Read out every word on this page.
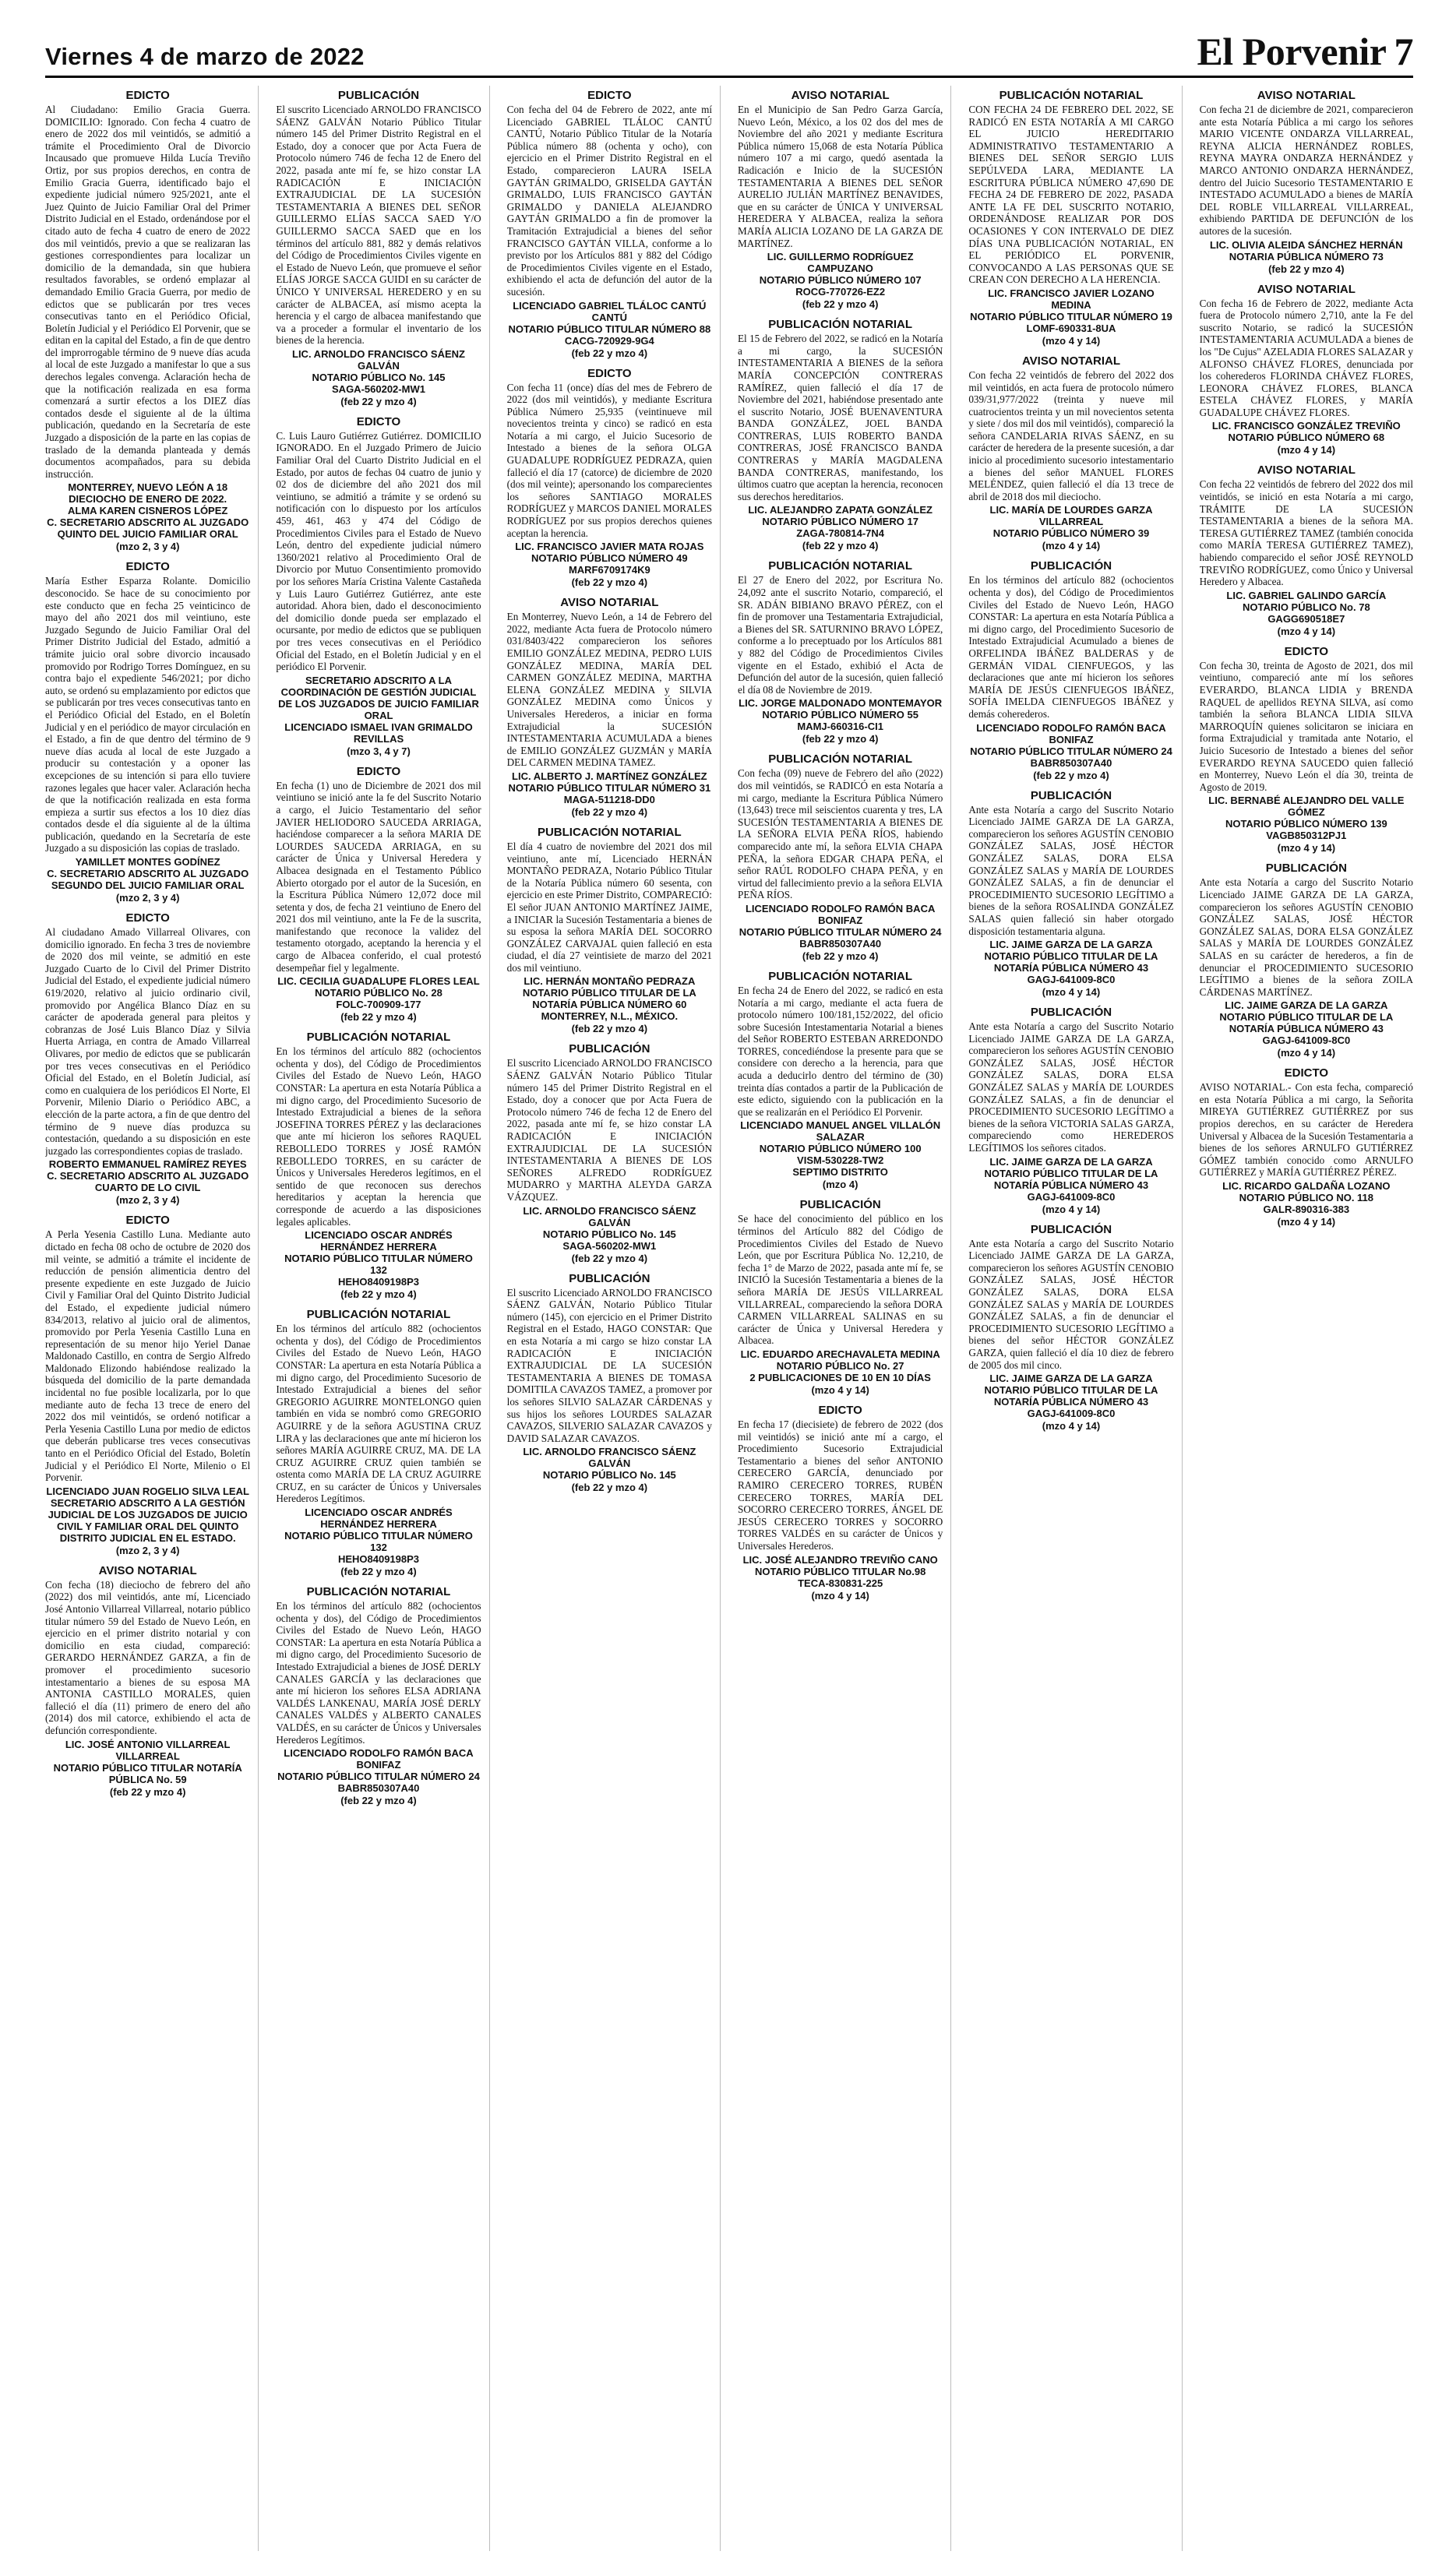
Viernes 4 de marzo de 2022	El Porvenir 7
EDICTO

Al Ciudadano: Emilio Gracia Guerra. DOMICILIO: Ignorado. Con fecha 4 cuatro de enero de 2022 dos mil veintidós, se admitió a trámite el Procedimiento Oral de Divorcio Incausado que promueve Hilda Lucía Treviño Ortiz, por sus propios derechos, en contra de Emilio Gracia Guerra, identificado bajo el expediente judicial número 925/2021, ante el Juez Quinto de Juicio Familiar Oral del Primer Distrito Judicial en el Estado, ordenándose por el citado auto de fecha 4 cuatro de enero de 2022 dos mil veintidós, previo a que se realizaran las gestiones correspondientes para localizar un domicilio de la demandada, sin que hubiera resultados favorables, se ordenó emplazar al demandado Emilio Gracia Guerra, por medio de edictos que se publicarán por tres veces consecutivas tanto en el Periódico Oficial, Boletín Judicial y el Periódico El Porvenir, que se editan en la capital del Estado, a fin de que dentro del improrrogable término de 9 nueve días acuda al local de este Juzgado a manifestar lo que a sus derechos legales convenga. Aclaración hecha de que la notificación realizada en esa forma comenzará a surtir efectos a los DIEZ días contados desde el siguiente al de la última publicación, quedando en la Secretaría de este Juzgado a disposición de la parte en las copias de traslado de la demanda planteada y demás documentos acompañados, para su debida instrucción.

MONTERREY, NUEVO LEÓN A 18 DIECIOCHO DE ENERO DE 2022.
ALMA KAREN CISNEROS LÓPEZ
C. SECRETARIO ADSCRITO AL JUZGADO QUINTO DEL JUICIO FAMILIAR ORAL
(mzo 2, 3 y 4)
EDICTO

María Esther Esparza Rolante. Domicilio desconocido. Se hace de su conocimiento por este conducto que en fecha 25 veinticinco de mayo del año 2021 dos mil veintiuno, este Juzgado Segundo de Juicio Familiar Oral del Primer Distrito Judicial del Estado, admitió a trámite juicio oral sobre divorcio incausado promovido por Rodrigo Torres Domínguez, en su contra bajo el expediente 546/2021; por dicho auto, se ordenó su emplazamiento por edictos que se publicarán por tres veces consecutivas tanto en el Periódico Oficial del Estado, en el Boletín Judicial y en el periódico de mayor circulación en el Estado, a fin de que dentro del término de 9 nueve días acuda al local de este Juzgado a producir su contestación y a oponer las excepciones de su intención si para ello tuviere razones legales que hacer valer. Aclaración hecha de que la notificación realizada en esta forma empieza a surtir sus efectos a los 10 diez días contados desde el día siguiente al de la última publicación, quedando en la Secretaría de este Juzgado a su disposición las copias de traslado.

YAMILLET MONTES GODÍNEZ
C. SECRETARIO ADSCRITO AL JUZGADO SEGUNDO DEL JUICIO FAMILIAR ORAL
(mzo 2, 3 y 4)
EDICTO

Al ciudadano Amado Villarreal Olivares, con domicilio ignorado. En fecha 3 tres de noviembre de 2020 dos mil veinte, se admitió en este Juzgado Cuarto de lo Civil del Primer Distrito Judicial del Estado, el expediente judicial número 619/2020, relativo al juicio ordinario civil, promovido por Angélica Blanco Díaz en su carácter de apoderada general para pleitos y cobranzas de José Luis Blanco Díaz y Silvia Huerta Arriaga, en contra de Amado Villarreal Olivares, por medio de edictos que se publicarán por tres veces consecutivas en el Periódico Oficial del Estado, en el Boletín Judicial, así como en cualquiera de los periódicos El Norte, El Porvenir, Milenio Diario o Periódico ABC, a elección de la parte actora, a fin de que dentro del término de 9 nueve días produzca su contestación, quedando a su disposición en este juzgado las correspondientes copias de traslado.

ROBERTO EMMANUEL RAMÍREZ REYES
C. SECRETARIO ADSCRITO AL JUZGADO CUARTO DE LO CIVIL
(mzo 2, 3 y 4)
EDICTO

A Perla Yesenia Castillo Luna. Mediante auto dictado en fecha 08 ocho de octubre de 2020 dos mil veinte, se admitió a trámite el incidente de reducción de pensión alimenticia dentro del presente expediente en este Juzgado de Juicio Civil y Familiar Oral del Quinto Distrito Judicial del Estado, el expediente judicial número 834/2013, relativo al juicio oral de alimentos, promovido por Perla Yesenia Castillo Luna en representación de su menor hijo Yeriel Danae Maldonado Castillo, en contra de Sergio Alfredo Maldonado Elizondo habiéndose realizado la búsqueda del domicilio de la parte demandada incidental no fue posible localizarla, por lo que mediante auto de fecha 13 trece de enero del 2022 dos mil veintidós, se ordenó notificar a Perla Yesenia Castillo Luna por medio de edictos que deberán publicarse tres veces consecutivas tanto en el Periódico Oficial del Estado, Boletín Judicial y el Periódico El Norte, Milenio o El Porvenir.

LICENCIADO JUAN ROGELIO SILVA LEAL
SECRETARIO ADSCRITO A LA GESTIÓN JUDICIAL DE LOS JUZGADOS DE JUICIO CIVIL Y FAMILIAR ORAL DEL QUINTO DISTRITO JUDICIAL EN EL ESTADO.
(mzo 2, 3 y 4)
AVISO NOTARIAL

Con fecha (18) dieciocho de febrero del año (2022) dos mil veintidós, ante mí, Licenciado José Antonio Villarreal Villarreal, notario público titular número 59 del Estado de Nuevo León, en ejercicio en el primer distrito notarial y con domicilio en esta ciudad, compareció: GERARDO HERNÁNDEZ GARZA, a fin de promover el procedimiento sucesorio intestamentario a bienes de su esposa MA ANTONIA CASTILLO MORALES, quien falleció el día (11) primero de enero del año (2014) dos mil catorce, exhibiendo el acta de defunción correspondiente.

LIC. JOSÉ ANTONIO VILLARREAL VILLARREAL
NOTARIO PÚBLICO TITULAR NOTARÍA PÚBLICA No. 59
(feb 22 y mzo 4)
PUBLICACIÓN

El suscrito Licenciado ARNOLDO FRANCISCO SÁENZ GALVÁN Notario Público Titular número 145 del Primer Distrito Registral en el Estado, doy a conocer que por Acta Fuera de Protocolo número 746 de fecha 12 de Enero del 2022, pasada ante mí fe, se hizo constar LA RADICACIÓN E INICIACIÓN EXTRAJUDICIAL DE LA SUCESIÓN TESTAMENTARIA A BIENES DEL SEÑOR GUILLERMO ELÍAS SACCA SAED Y/O GUILLERMO SACCA SAED que en los términos del artículo 881, 882 y demás relativos del Código de Procedimientos Civiles vigente en el Estado de Nuevo León, que promueve el señor ELÍAS JORGE SACCA GUIDI en su carácter de ÚNICO Y UNIVERSAL HEREDERO y en su carácter de ALBACEA, así mismo acepta la herencia y el cargo de albacea manifestando que va a proceder a formular el inventario de los bienes de la herencia.

LIC. ARNOLDO FRANCISCO SÁENZ GALVÁN
NOTARIO PÚBLICO No. 145
SAGA-560202-MW1
(feb 22 y mzo 4)
EDICTO

C. Luis Lauro Gutiérrez Gutiérrez. DOMICILIO IGNORADO. En el Juzgado Primero de Juicio Familiar Oral del Cuarto Distrito Judicial en el Estado, por autos de fechas 04 cuatro de junio y 02 dos de diciembre del año 2021 dos mil veintiuno, se admitió a trámite y se ordenó su notificación con lo dispuesto por los artículos 459, 461, 463 y 474 del Código de Procedimientos Civiles para el Estado de Nuevo León, dentro del expediente judicial número 1360/2021 relativo al Procedimiento Oral de Divorcio por Mutuo Consentimiento promovido por los señores María Cristina Valente Castañeda y Luis Lauro Gutiérrez Gutiérrez, ante este autoridad. Ahora bien, dado el desconocimiento del domicilio donde pueda ser emplazado el ocursante, por medio de edictos que se publiquen por tres veces consecutivas en el Periódico Oficial del Estado, en el Boletín Judicial y en el periódico El Porvenir.

SECRETARIO ADSCRITO A LA COORDINACIÓN DE GESTIÓN JUDICIAL DE LOS JUZGADOS DE JUICIO FAMILIAR ORAL
LICENCIADO ISMAEL IVAN GRIMALDO REVILLAS
(mzo 3, 4 y 7)
EDICTO

En fecha (1) uno de Diciembre de 2021 dos mil veintiuno se inició ante la fe del Suscrito Notario a cargo, el Juicio Testamentario del señor JAVIER HELIODORO SAUCEDA ARRIAGA, haciéndose comparecer a la señora MARIA DE LOURDES SAUCEDA ARRIAGA, en su carácter de Única y Universal Heredera y Albacea designada en el Testamento Público Abierto otorgado por el autor de la Sucesión, en la Escritura Pública Número 12,072 doce mil setenta y dos, de fecha 21 veintiuno de Enero del 2021 dos mil veintiuno, ante la Fe de la suscrita, manifestando que reconoce la validez del testamento otorgado, aceptando la herencia y el cargo de Albacea conferido, el cual protestó desempeñar fiel y legalmente.

LIC. CECILIA GUADALUPE FLORES LEAL
NOTARIO PÚBLICO No. 28
FOLC-700909-177
(feb 22 y mzo 4)
PUBLICACIÓN NOTARIAL

En los términos del artículo 882 (ochocientos ochenta y dos), del Código de Procedimientos Civiles del Estado de Nuevo León, HAGO CONSTAR: La apertura en esta Notaría Pública a mi digno cargo, del Procedimiento Sucesorio de Intestado Extrajudicial a bienes de la señora JOSEFINA TORRES PÉREZ y las declaraciones que ante mí hicieron los señores RAQUEL REBOLLEDO TORRES y JOSÉ RAMÓN REBOLLEDO TORRES, en su carácter de Únicos y Universales Herederos legítimos, en el sentido de que reconocen sus derechos hereditarios y aceptan la herencia que corresponde de acuerdo a las disposiciones legales aplicables.

LICENCIADO OSCAR ANDRÉS HERNÁNDEZ HERRERA
NOTARIO PÚBLICO TITULAR NÚMERO 132
HEHO8409198P3
(feb 22 y mzo 4)
PUBLICACIÓN NOTARIAL

En los términos del artículo 882 (ochocientos ochenta y dos), del Código de Procedimientos Civiles del Estado de Nuevo León, HAGO CONSTAR: La apertura en esta Notaría Pública a mi digno cargo, del Procedimiento Sucesorio de Intestado Extrajudicial a bienes del señor GREGORIO AGUIRRE MONTELONGO quien también en vida se nombró como GREGORIO AGUIRRE y de la señora AGUSTINA CRUZ LIRA y las declaraciones que ante mí hicieron los señores MARÍA AGUIRRE CRUZ, MA. DE LA CRUZ AGUIRRE CRUZ quien también se ostenta como MARÍA DE LA CRUZ AGUIRRE CRUZ, en su carácter de Únicos y Universales Herederos Legítimos.

LICENCIADO OSCAR ANDRÉS HERNÁNDEZ HERRERA
NOTARIO PÚBLICO TITULAR NÚMERO 132
HEHO8409198P3
(feb 22 y mzo 4)
PUBLICACIÓN NOTARIAL

En los términos del artículo 882 (ochocientos ochenta y dos), del Código de Procedimientos Civiles del Estado de Nuevo León, HAGO CONSTAR: La apertura en esta Notaría Pública a mi digno cargo, del Procedimiento Sucesorio de Intestado Extrajudicial a bienes de JOSÉ DERLY CANALES GARCÍA y las declaraciones que ante mí hicieron los señores ELSA ADRIANA VALDÉS LANKENAU, MARÍA JOSÉ DERLY CANALES VALDÉS y ALBERTO CANALES VALDÉS, en su carácter de Únicos y Universales Herederos Legítimos.

LICENCIADO RODOLFO RAMÓN BACA BONIFAZ
NOTARIO PÚBLICO TITULAR NÚMERO 24
BABR850307A40
(feb 22 y mzo 4)
EDICTO

Con fecha del 04 de Febrero de 2022, ante mí Licenciado GABRIEL TLÁLOC CANTÚ CANTÚ, Notario Público Titular de la Notaría Pública número 88 (ochenta y ocho), con ejercicio en el Primer Distrito Registral en el Estado, comparecieron LAURA ISELA GAYTÁN GRIMALDO, GRISELDA GAYTÁN GRIMALDO, LUIS FRANCISCO GAYTÁN GRIMALDO y DANIELA ALEJANDRO GAYTÁN GRIMALDO a fin de promover la Tramitación Extrajudicial a bienes del señor FRANCISCO GAYTÁN VILLA, conforme a lo previsto por los Artículos 881 y 882 del Código de Procedimientos Civiles vigente en el Estado, exhibiendo el acta de defunción del autor de la sucesión.

LICENCIADO GABRIEL TLÁLOC CANTÚ CANTÚ
NOTARIO PÚBLICO TITULAR NÚMERO 88
CACG-720929-9G4
(feb 22 y mzo 4)
EDICTO

Con fecha 11 (once) días del mes de Febrero de 2022 (dos mil veintidós), y mediante Escritura Pública Número 25,935 (veintinueve mil novecientos treinta y cinco) se radicó en esta Notaría a mi cargo, el Juicio Sucesorio de Intestado a bienes de la señora OLGA GUADALUPE RODRÍGUEZ PEDRAZA, quien falleció el día 17 (catorce) de diciembre de 2020 (dos mil veinte); apersonando los comparecientes los señores SANTIAGO MORALES RODRÍGUEZ y MARCOS DANIEL MORALES RODRÍGUEZ por sus propios derechos quienes aceptan la herencia.

LIC. FRANCISCO JAVIER MATA ROJAS
NOTARIO PÚBLICO NÚMERO 49
MARF6709174K9
(feb 22 y mzo 4)
AVISO NOTARIAL

En Monterrey, Nuevo León, a 14 de Febrero del 2022, mediante Acta fuera de Protocolo número 031/8403/422 comparecieron los señores EMILIO GONZÁLEZ MEDINA, PEDRO LUIS GONZÁLEZ MEDINA, MARÍA DEL CARMEN GONZÁLEZ MEDINA, MARTHA ELENA GONZÁLEZ MEDINA y SILVIA GONZÁLEZ MEDINA como Únicos y Universales Herederos, a iniciar en forma Extrajudicial la SUCESIÓN INTESTAMENTARIA ACUMULADA a bienes de EMILIO GONZÁLEZ GUZMÁN y MARÍA DEL CARMEN MEDINA TAMEZ.

LIC. ALBERTO J. MARTÍNEZ GONZÁLEZ
NOTARIO PÚBLICO TITULAR NÚMERO 31
MAGA-511218-DD0
(feb 22 y mzo 4)
PUBLICACIÓN NOTARIAL

El día 4 cuatro de noviembre del 2021 dos mil veintiuno, ante mí, Licenciado HERNÁN MONTAÑO PEDRAZA, Notario Público Titular de la Notaría Pública número 60 sesenta, con ejercicio en este Primer Distrito, COMPARECIÓ: El señor JUAN ANTONIO MARTÍNEZ JAIME, a INICIAR la Sucesión Testamentaria a bienes de su esposa la señora MARÍA DEL SOCORRO GONZÁLEZ CARVAJAL quien falleció en esta ciudad, el día 27 veintisiete de marzo del 2021 dos mil veintiuno.

LIC. HERNÁN MONTAÑO PEDRAZA
NOTARIO PÚBLICO TITULAR DE LA NOTARÍA PÚBLICA NÚMERO 60
MONTERREY, N.L., MÉXICO.
(feb 22 y mzo 4)
PUBLICACIÓN

El suscrito Licenciado ARNOLDO FRANCISCO SÁENZ GALVÁN Notario Público Titular número 145 del Primer Distrito Registral en el Estado, doy a conocer que por Acta Fuera de Protocolo número 746 de fecha 12 de Enero del 2022, pasada ante mí fe, se hizo constar LA RADICACIÓN E INICIACIÓN EXTRAJUDICIAL DE LA SUCESIÓN INTESTAMENTARIA A BIENES DE LOS SEÑORES ALFREDO RODRÍGUEZ MUDARRO y MARTHA ALEYDA GARZA VÁZQUEZ.

LIC. ARNOLDO FRANCISCO SÁENZ GALVÁN
NOTARIO PÚBLICO No. 145
SAGA-560202-MW1
(feb 22 y mzo 4)
PUBLICACIÓN

El suscrito Licenciado ARNOLDO FRANCISCO SÁENZ GALVÁN, Notario Público Titular número (145), con ejercicio en el Primer Distrito Registral en el Estado, HAGO CONSTAR: Que en esta Notaría a mi cargo se hizo constar LA RADICACIÓN E INICIACIÓN EXTRAJUDICIAL DE LA SUCESIÓN TESTAMENTARIA A BIENES DE TOMASA DOMITILA CAVAZOS TAMEZ, a promover por los señores SILVIO SALAZAR CÁRDENAS y sus hijos los señores LOURDES SALAZAR CAVAZOS, SILVERIO SALAZAR CAVAZOS y DAVID SALAZAR CAVAZOS.

LIC. ARNOLDO FRANCISCO SÁENZ GALVÁN
NOTARIO PÚBLICO No. 145
(feb 22 y mzo 4)
AVISO NOTARIAL

En el Municipio de San Pedro Garza García, Nuevo León, México, a los 02 dos del mes de Noviembre del año 2021 y mediante Escritura Pública número 15,068 de esta Notaría Pública número 107 a mi cargo, quedó asentada la Radicación e Inicio de la SUCESIÓN TESTAMENTARIA A BIENES DEL SEÑOR AURELIO JULIÁN MARTÍNEZ BENAVIDES, que en su carácter de ÚNICA Y UNIVERSAL HEREDERA Y ALBACEA, realiza la señora MARÍA ALICIA LOZANO DE LA GARZA DE MARTÍNEZ.

LIC. GUILLERMO RODRÍGUEZ CAMPUZANO
NOTARIO PÚBLICO NÚMERO 107
ROCG-770726-EZ2
(feb 22 y mzo 4)
PUBLICACIÓN NOTARIAL

El 15 de Febrero del 2022, se radicó en la Notaría a mi cargo, la SUCESIÓN INTESTAMENTARIA A BIENES de la señora MARÍA CONCEPCIÓN CONTRERAS RAMÍREZ, quien falleció el día 17 de Noviembre del 2021, habiéndose presentado ante el suscrito Notario, JOSÉ BUENAVENTURA BANDA GONZÁLEZ, JOEL BANDA CONTRERAS, LUIS ROBERTO BANDA CONTRERAS, JOSÉ FRANCISCO BANDA CONTRERAS y MARÍA MAGDALENA BANDA CONTRERAS, manifestando, los últimos cuatro que aceptan la herencia, reconocen sus derechos hereditarios.

LIC. ALEJANDRO ZAPATA GONZÁLEZ
NOTARIO PÚBLICO NÚMERO 17
ZAGA-780814-7N4
(feb 22 y mzo 4)
PUBLICACIÓN NOTARIAL

El 27 de Enero del 2022, por Escritura No. 24,092 ante el suscrito Notario, compareció, el SR. ADÁN BIBIANO BRAVO PÉREZ, con el fin de promover una Testamentaria Extrajudicial, a Bienes del SR. SATURNINO BRAVO LÓPEZ, conforme a lo preceptuado por los Artículos 881 y 882 del Código de Procedimientos Civiles vigente en el Estado, exhibió el Acta de Defunción del autor de la sucesión, quien falleció el día 08 de Noviembre de 2019.

LIC. JORGE MALDONADO MONTEMAYOR
NOTARIO PÚBLICO NÚMERO 55
MAMJ-660316-CI1
(feb 22 y mzo 4)
PUBLICACIÓN NOTARIAL

Con fecha (09) nueve de Febrero del año (2022) dos mil veintidós, se RADICÓ en esta Notaría a mi cargo, mediante la Escritura Pública Número (13,643) trece mil seiscientos cuarenta y tres, LA SUCESIÓN TESTAMENTARIA A BIENES DE LA SEÑORA ELVIA PEÑA RÍOS, habiendo comparecido ante mí, la señora ELVIA CHAPA PEÑA, la señora EDGAR CHAPA PEÑA, el señor RAÚL RODOLFO CHAPA PEÑA, y en virtud del fallecimiento previo a la señora ELVIA PEÑA RÍOS.

LICENCIADO RODOLFO RAMÓN BACA BONIFAZ
NOTARIO PÚBLICO TITULAR NÚMERO 24
BABR850307A40
(feb 22 y mzo 4)
PUBLICACIÓN NOTARIAL

En fecha 24 de Enero del 2022, se radicó en esta Notaría a mi cargo, mediante el acta fuera de protocolo número 100/181,152/2022, del oficio sobre Sucesión Intestamentaria Notarial a bienes del Señor ROBERTO ESTEBAN ARREDONDO TORRES, concediéndose la presente para que se considere con derecho a la herencia, para que acuda a deducirlo dentro del término de (30) treinta días contados a partir de la Publicación de este edicto, siguiendo con la publicación en la que se realizarán en el Periódico El Porvenir.

LICENCIADO MANUEL ANGEL VILLALÓN SALAZAR
NOTARIO PÚBLICO NÚMERO 100
VISM-530228-TW2
SEPTIMO DISTRITO
(mzo 4)
PUBLICACIÓN

Se hace del conocimiento del público en los términos del Artículo 882 del Código de Procedimientos Civiles del Estado de Nuevo León, que por Escritura Pública No. 12,210, de fecha 1° de Marzo de 2022, pasada ante mí fe, se INICIÓ la Sucesión Testamentaria a bienes de la señora MARÍA DE JESÚS VILLARREAL VILLARREAL, compareciendo la señora DORA CARMEN VILLARREAL SALINAS en su carácter de Única y Universal Heredera y Albacea.

LIC. EDUARDO ARECHAVALETA MEDINA
NOTARIO PÚBLICO No. 27
2 PUBLICACIONES DE 10 EN 10 DÍAS
(mzo 4 y 14)
EDICTO

En fecha 17 (diecisiete) de febrero de 2022 (dos mil veintidós) se inició ante mí a cargo, el Procedimiento Sucesorio Extrajudicial Testamentario a bienes del señor ANTONIO CERECERO GARCÍA, denunciado por RAMIRO CERECERO TORRES, RUBÉN CERECERO TORRES, MARÍA DEL SOCORRO CERECERO TORRES, ÁNGEL DE JESÚS CERECERO TORRES y SOCORRO TORRES VALDÉS en su carácter de Únicos y Universales Herederos.

LIC. JOSÉ ALEJANDRO TREVIÑO CANO
NOTARIO PÚBLICO TITULAR No.98
TECA-830831-225
(mzo 4 y 14)
PUBLICACIÓN NOTARIAL

CON FECHA 24 DE FEBRERO DEL 2022, SE RADICÓ EN ESTA NOTARÍA A MI CARGO EL JUICIO HEREDITARIO ADMINISTRATIVO TESTAMENTARIO A BIENES DEL SEÑOR SERGIO LUIS SEPÚLVEDA LARA, MEDIANTE LA ESCRITURA PÚBLICA NÚMERO 47,690 DE FECHA 24 DE FEBRERO DE 2022, PASADA ANTE LA FE DEL SUSCRITO NOTARIO, ORDENÁNDOSE REALIZAR POR DOS OCASIONES Y CON INTERVALO DE DIEZ DÍAS UNA PUBLICACIÓN NOTARIAL, EN EL PERIÓDICO EL PORVENIR, CONVOCANDO A LAS PERSONAS QUE SE CREAN CON DERECHO A LA HERENCIA.

LIC. FRANCISCO JAVIER LOZANO MEDINA
NOTARIO PÚBLICO TITULAR NÚMERO 19
LOMF-690331-8UA
(mzo 4 y 14)
AVISO NOTARIAL

Con fecha 22 veintidós de febrero del 2022 dos mil veintidós, en acta fuera de protocolo número 039/31,977/2022 (treinta y nueve mil cuatrocientos treinta y un mil novecientos setenta y siete / dos mil dos mil veintidós), compareció la señora CANDELARIA RIVAS SÁENZ, en su carácter de heredera de la presente sucesión, a dar inicio al procedimiento sucesorio intestamentario a bienes del señor MANUEL FLORES MELÉNDEZ, quien falleció el día 13 trece de abril de 2018 dos mil dieciocho.

LIC. MARÍA DE LOURDES GARZA VILLARREAL
NOTARIO PÚBLICO NÚMERO 39
(mzo 4 y 14)
PUBLICACIÓN

En los términos del artículo 882 (ochocientos ochenta y dos), del Código de Procedimientos Civiles del Estado de Nuevo León, HAGO CONSTAR: La apertura en esta Notaría Pública a mi digno cargo, del Procedimiento Sucesorio de Intestado Extrajudicial Acumulado a bienes de ORFELINDA IBÁÑEZ BALDERAS y de GERMÁN VIDAL CIENFUEGOS, y las declaraciones que ante mí hicieron los señores MARÍA DE JESÚS CIENFUEGOS IBÁÑEZ, SOFÍA IMELDA CIENFUEGOS IBÁÑEZ y demás coherederos.

LICENCIADO RODOLFO RAMÓN BACA BONIFAZ
NOTARIO PÚBLICO TITULAR NÚMERO 24
BABR850307A40
(feb 22 y mzo 4)
PUBLICACIÓN

Ante esta Notaría a cargo del Suscrito Notario Licenciado JAIME GARZA DE LA GARZA, comparecieron los señores AGUSTÍN CENOBIO GONZÁLEZ SALAS, JOSÉ HÉCTOR GONZÁLEZ SALAS, DORA ELSA GONZÁLEZ SALAS y MARÍA DE LOURDES GONZÁLEZ SALAS, a fin de denunciar el PROCEDIMIENTO SUCESORIO LEGÍTIMO a bienes de la señora ROSALINDA GONZÁLEZ SALAS quien falleció sin haber otorgado disposición testamentaria alguna.

LIC. JAIME GARZA DE LA GARZA
NOTARIO PÚBLICO TITULAR DE LA NOTARÍA PÚBLICA NÚMERO 43
GAGJ-641009-8C0
(mzo 4 y 14)
PUBLICACIÓN

Ante esta Notaría a cargo del Suscrito Notario Licenciado JAIME GARZA DE LA GARZA, comparecieron los señores AGUSTÍN CENOBIO GONZÁLEZ SALAS, JOSÉ HÉCTOR GONZÁLEZ SALAS, DORA ELSA GONZÁLEZ SALAS y MARÍA DE LOURDES GONZÁLEZ SALAS, a fin de denunciar el PROCEDIMIENTO SUCESORIO LEGÍTIMO a bienes de la señora VICTORIA SALAS GARZA, compareciendo como HEREDEROS LEGÍTIMOS los señores citados.

LIC. JAIME GARZA DE LA GARZA
NOTARIO PÚBLICO TITULAR DE LA NOTARÍA PÚBLICA NÚMERO 43
GAGJ-641009-8C0
(mzo 4 y 14)
PUBLICACIÓN

Ante esta Notaría a cargo del Suscrito Notario Licenciado JAIME GARZA DE LA GARZA, comparecieron los señores AGUSTÍN CENOBIO GONZÁLEZ SALAS, JOSÉ HÉCTOR GONZÁLEZ SALAS, DORA ELSA GONZÁLEZ SALAS y MARÍA DE LOURDES GONZÁLEZ SALAS, a fin de denunciar el PROCEDIMIENTO SUCESORIO LEGÍTIMO a bienes del señor HÉCTOR GONZÁLEZ GARZA, quien falleció el día 10 diez de febrero de 2005 dos mil cinco.

LIC. JAIME GARZA DE LA GARZA
NOTARIO PÚBLICO TITULAR DE LA NOTARÍA PÚBLICA NÚMERO 43
GAGJ-641009-8C0
(mzo 4 y 14)
AVISO NOTARIAL

Con fecha 21 de diciembre de 2021, comparecieron ante esta Notaría Pública a mi cargo los señores MARIO VICENTE ONDARZA VILLARREAL, REYNA ALICIA HERNÁNDEZ ROBLES, REYNA MAYRA ONDARZA HERNÁNDEZ y MARCO ANTONIO ONDARZA HERNÁNDEZ, dentro del Juicio Sucesorio TESTAMENTARIO E INTESTADO ACUMULADO a bienes de MARÍA DEL ROBLE VILLARREAL VILLARREAL, exhibiendo PARTIDA DE DEFUNCIÓN de los autores de la sucesión.

LIC. OLIVIA ALEIDA SÁNCHEZ HERNÁN
NOTARIA PÚBLICA NÚMERO 73
(feb 22 y mzo 4)
AVISO NOTARIAL

Con fecha 16 de Febrero de 2022, mediante Acta fuera de Protocolo número 2,710, ante la Fe del suscrito Notario, se radicó la SUCESIÓN INTESTAMENTARIA ACUMULADA a bienes de los "De Cujus" AZELADIA FLORES SALAZAR y ALFONSO CHÁVEZ FLORES, denunciada por los coherederos FLORINDA CHÁVEZ FLORES, LEONORA CHÁVEZ FLORES, BLANCA ESTELA CHÁVEZ FLORES, y MARÍA GUADALUPE CHÁVEZ FLORES.

LIC. FRANCISCO GONZÁLEZ TREVIÑO
NOTARIO PÚBLICO NÚMERO 68
(mzo 4 y 14)
AVISO NOTARIAL

Con fecha 22 veintidós de febrero del 2022 dos mil veintidós, se inició en esta Notaría a mi cargo, TRÁMITE DE LA SUCESIÓN TESTAMENTARIA a bienes de la señora MA. TERESA GUTIÉRREZ TAMEZ (también conocida como MARÍA TERESA GUTIÉRREZ TAMEZ), habiendo comparecido el señor JOSÉ REYNOLD TREVIÑO RODRÍGUEZ, como Único y Universal Heredero y Albacea.

LIC. GABRIEL GALINDO GARCÍA
NOTARIO PÚBLICO No. 78
GAGG690518E7
(mzo 4 y 14)
EDICTO

Con fecha 30, treinta de Agosto de 2021, dos mil veintiuno, compareció ante mí los señores EVERARDO, BLANCA LIDIA y BRENDA RAQUEL de apellidos REYNA SILVA, así como también la señora BLANCA LIDIA SILVA MARROQUÍN quienes solicitaron se iniciara en forma Extrajudicial y tramitada ante Notario, el Juicio Sucesorio de Intestado a bienes del señor EVERARDO REYNA SAUCEDO quien falleció en Monterrey, Nuevo León el día 30, treinta de Agosto de 2019.

LIC. BERNABÉ ALEJANDRO DEL VALLE GÓMEZ
NOTARIO PÚBLICO NÚMERO 139
VAGB850312PJ1
(mzo 4 y 14)
PUBLICACIÓN

Ante esta Notaría a cargo del Suscrito Notario Licenciado JAIME GARZA DE LA GARZA, comparecieron los señores AGUSTÍN CENOBIO GONZÁLEZ SALAS, JOSÉ HÉCTOR GONZÁLEZ SALAS, DORA ELSA GONZÁLEZ SALAS y MARÍA DE LOURDES GONZÁLEZ SALAS en su carácter de herederos, a fin de denunciar el PROCEDIMIENTO SUCESORIO LEGÍTIMO a bienes de la señora ZOILA CÁRDENAS MARTÍNEZ.

LIC. JAIME GARZA DE LA GARZA
NOTARIO PÚBLICO TITULAR DE LA NOTARÍA PÚBLICA NÚMERO 43
GAGJ-641009-8C0
(mzo 4 y 14)
EDICTO

AVISO NOTARIAL.- Con esta fecha, compareció en esta Notaría Pública a mi cargo, la Señorita MIREYA GUTIÉRREZ GUTIÉRREZ por sus propios derechos, en su carácter de Heredera Universal y Albacea de la Sucesión Testamentaria a bienes de los señores ARNULFO GUTIÉRREZ GÓMEZ también conocido como ARNULFO GUTIÉRREZ y MARÍA GUTIÉRREZ PÉREZ.

LIC. RICARDO GALDAÑA LOZANO
NOTARIO PÚBLICO NO. 118
GALR-890316-383
(mzo 4 y 14)
